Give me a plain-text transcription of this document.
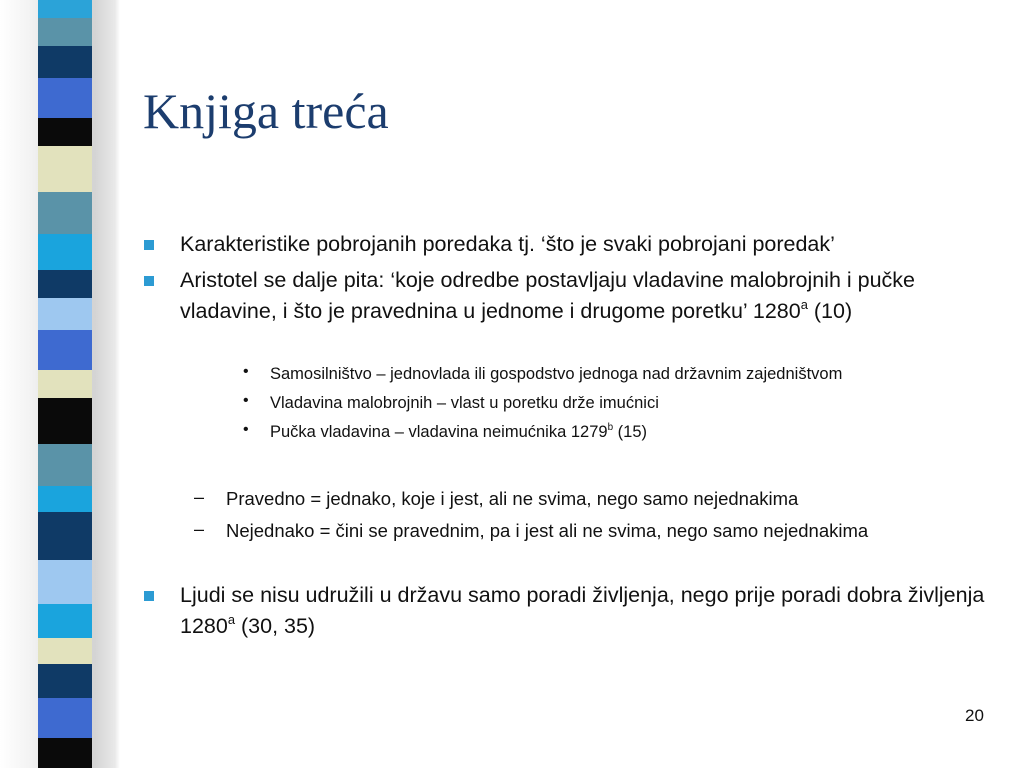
Knjiga treća
Karakteristike pobrojanih poredaka tj. ‘što je svaki pobrojani poredak’
Aristotel se dalje pita: ‘koje odredbe postavljaju vladavine malobrojnih i pučke vladavine, i što je pravednina u jednome i drugome poretku’ 1280$^a$ (10)
• Samosilništvo – jednovlada ili gospodstvo jednoga nad državnim zajedništvom
• Vladavina malobrojnih – vlast u poretku drže imućnici
• Pučka vladavina – vladavina neimućnika 1279$^b$ (15)
– Pravedno = jednako, koje i jest, ali ne svima, nego samo nejednakima
– Nejednako = čini se pravednim, pa i jest ali ne svima, nego samo nejednakima
Ljudi se nisu udružili u državu samo poradi življenja, nego prije poradi dobra življenja 1280$^a$ (30, 35)
20
